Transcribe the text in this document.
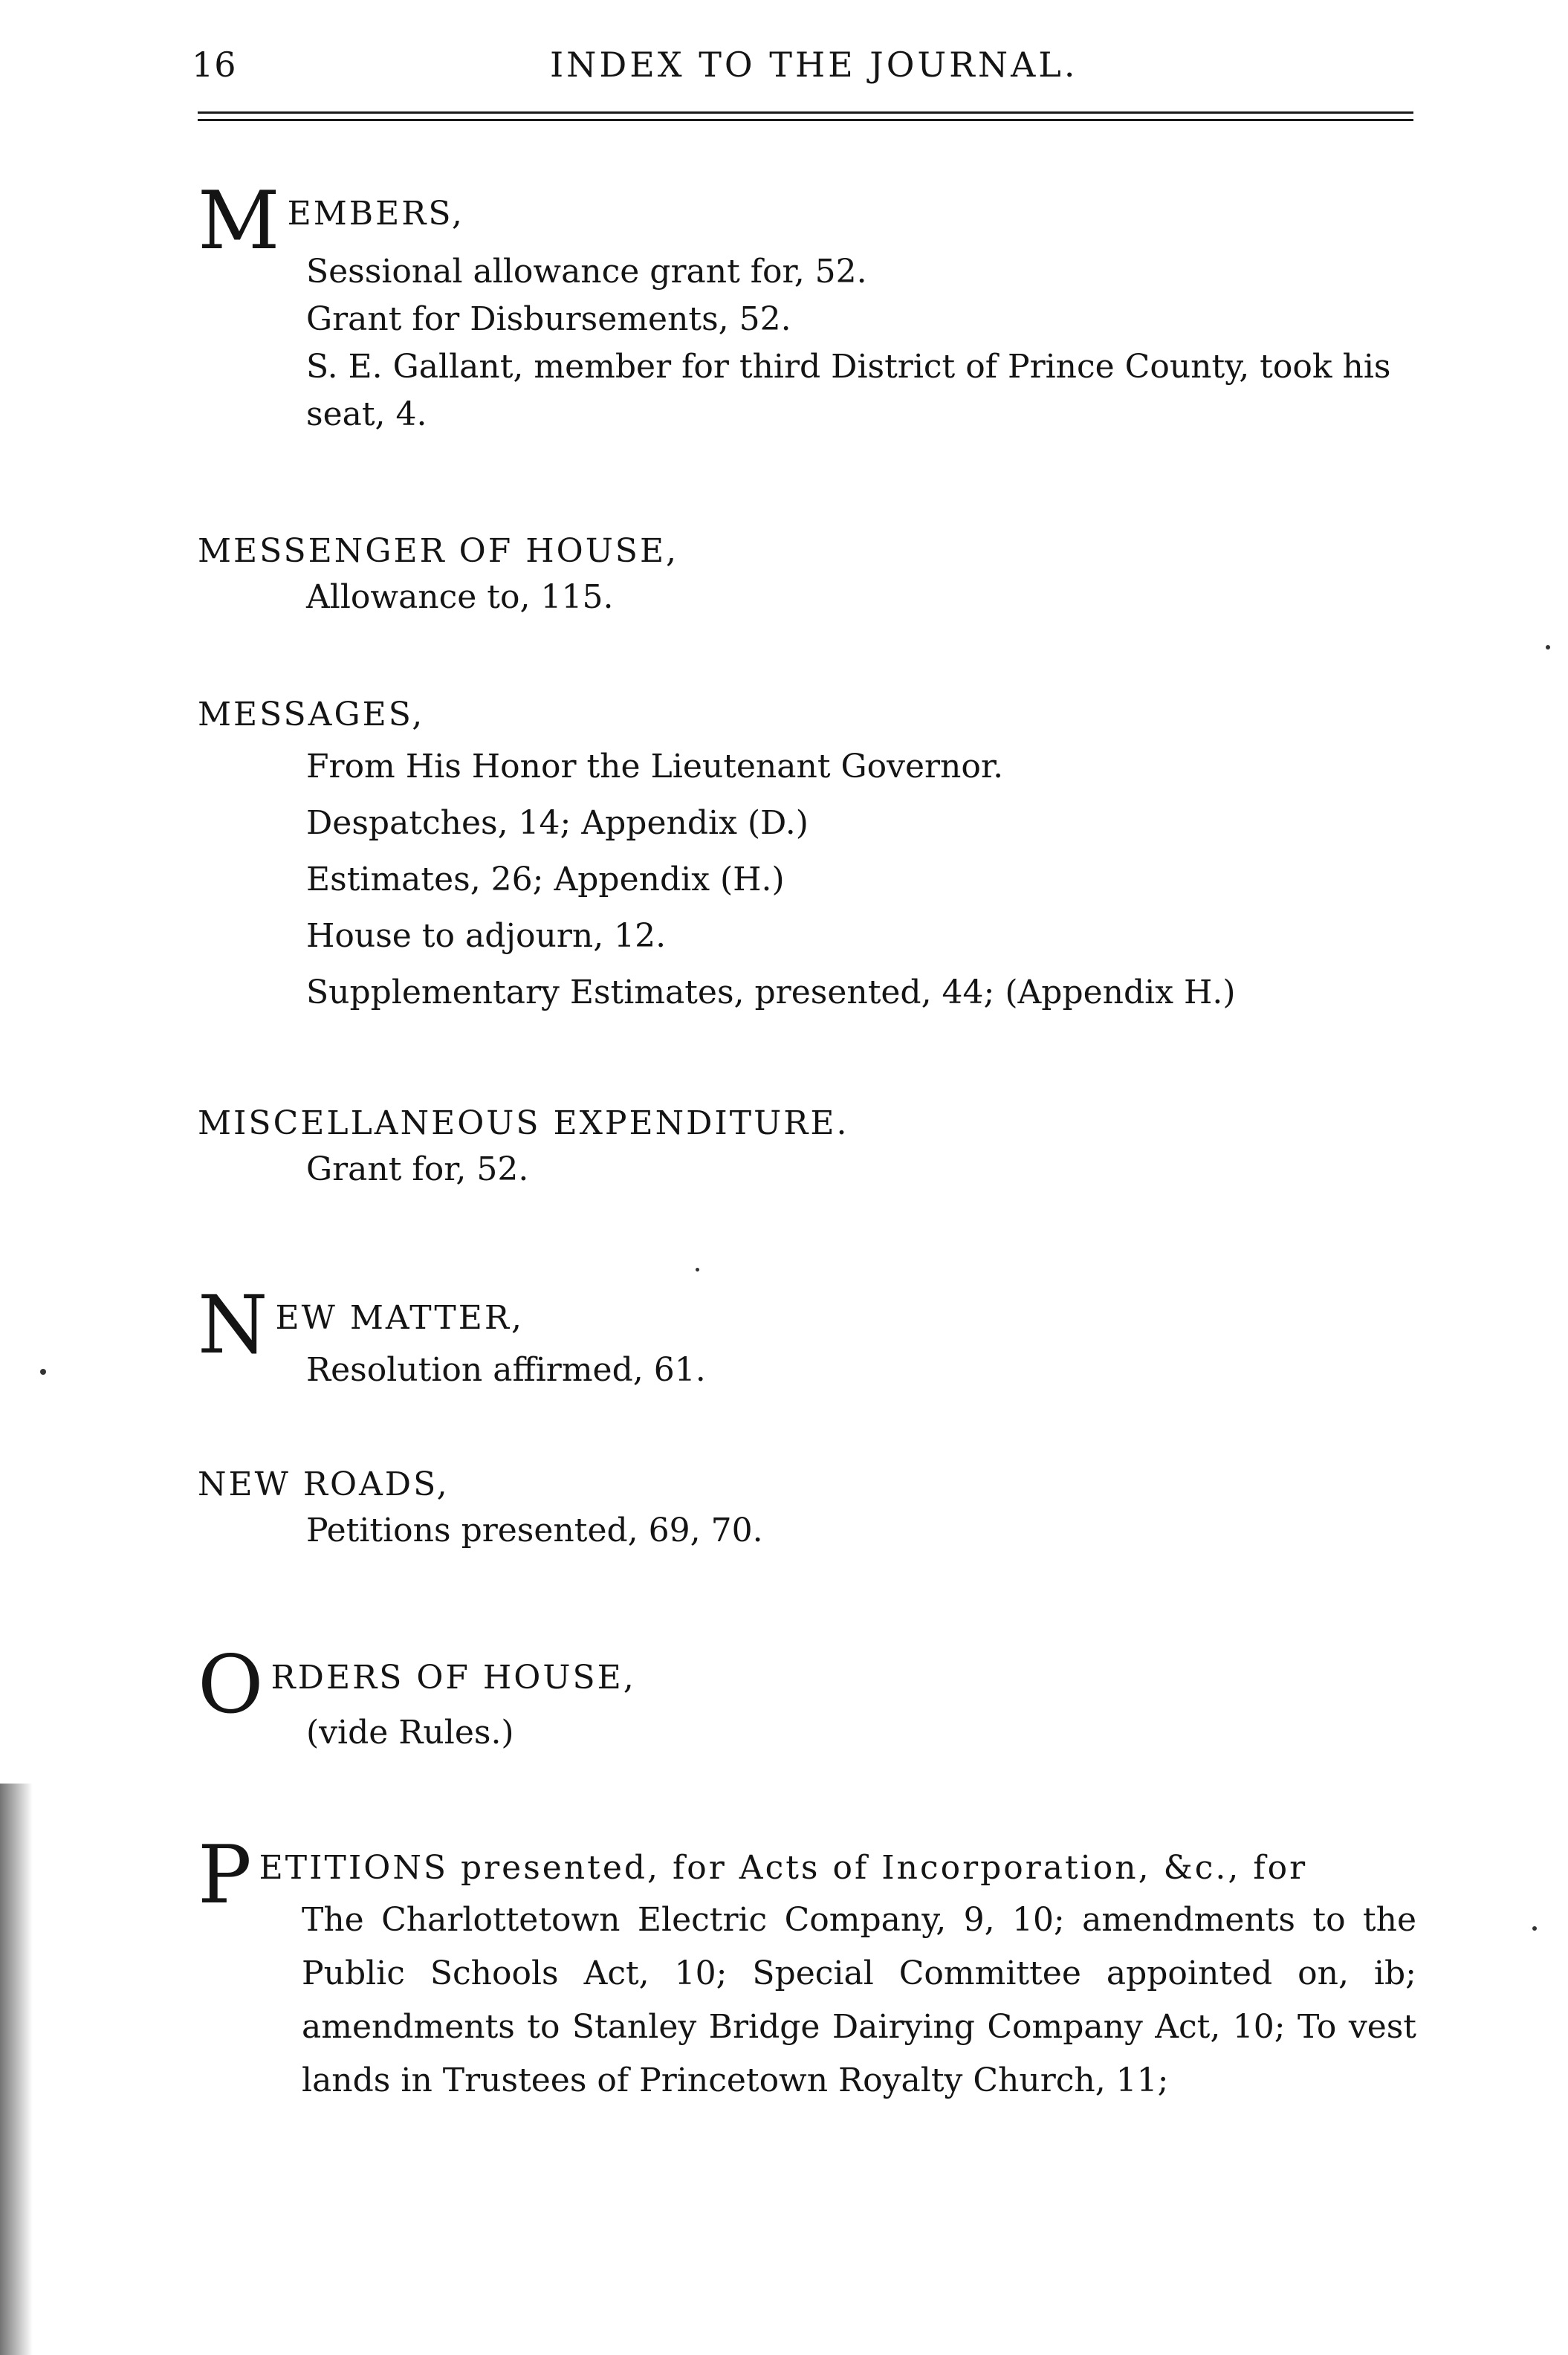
16	INDEX TO THE JOURNAL.
M EMBERS,
Sessional allowance grant for, 52.
Grant for Disbursements, 52.
S. E. Gallant, member for third District of Prince County, took his seat, 4.
MESSENGER OF HOUSE,
Allowance to, 115.
MESSAGES,
From His Honor the Lieutenant Governor.
Despatches, 14; Appendix (D.)
Estimates, 26; Appendix (H.)
House to adjourn, 12.
Supplementary Estimates, presented, 44; (Appendix H.)
MISCELLANEOUS EXPENDITURE.
Grant for, 52.
N EW MATTER,
Resolution affirmed, 61.
NEW ROADS,
Petitions presented, 69, 70.
O RDERS OF HOUSE,
(vide Rules.)
P ETITIONS presented, for Acts of Incorporation, &c., for
The Charlottetown Electric Company, 9, 10; amendments to the Public Schools Act, 10; Special Committee appointed on, ib; amendments to Stanley Bridge Dairying Company Act, 10; To vest lands in Trustees of Princetown Royalty Church, 11;
